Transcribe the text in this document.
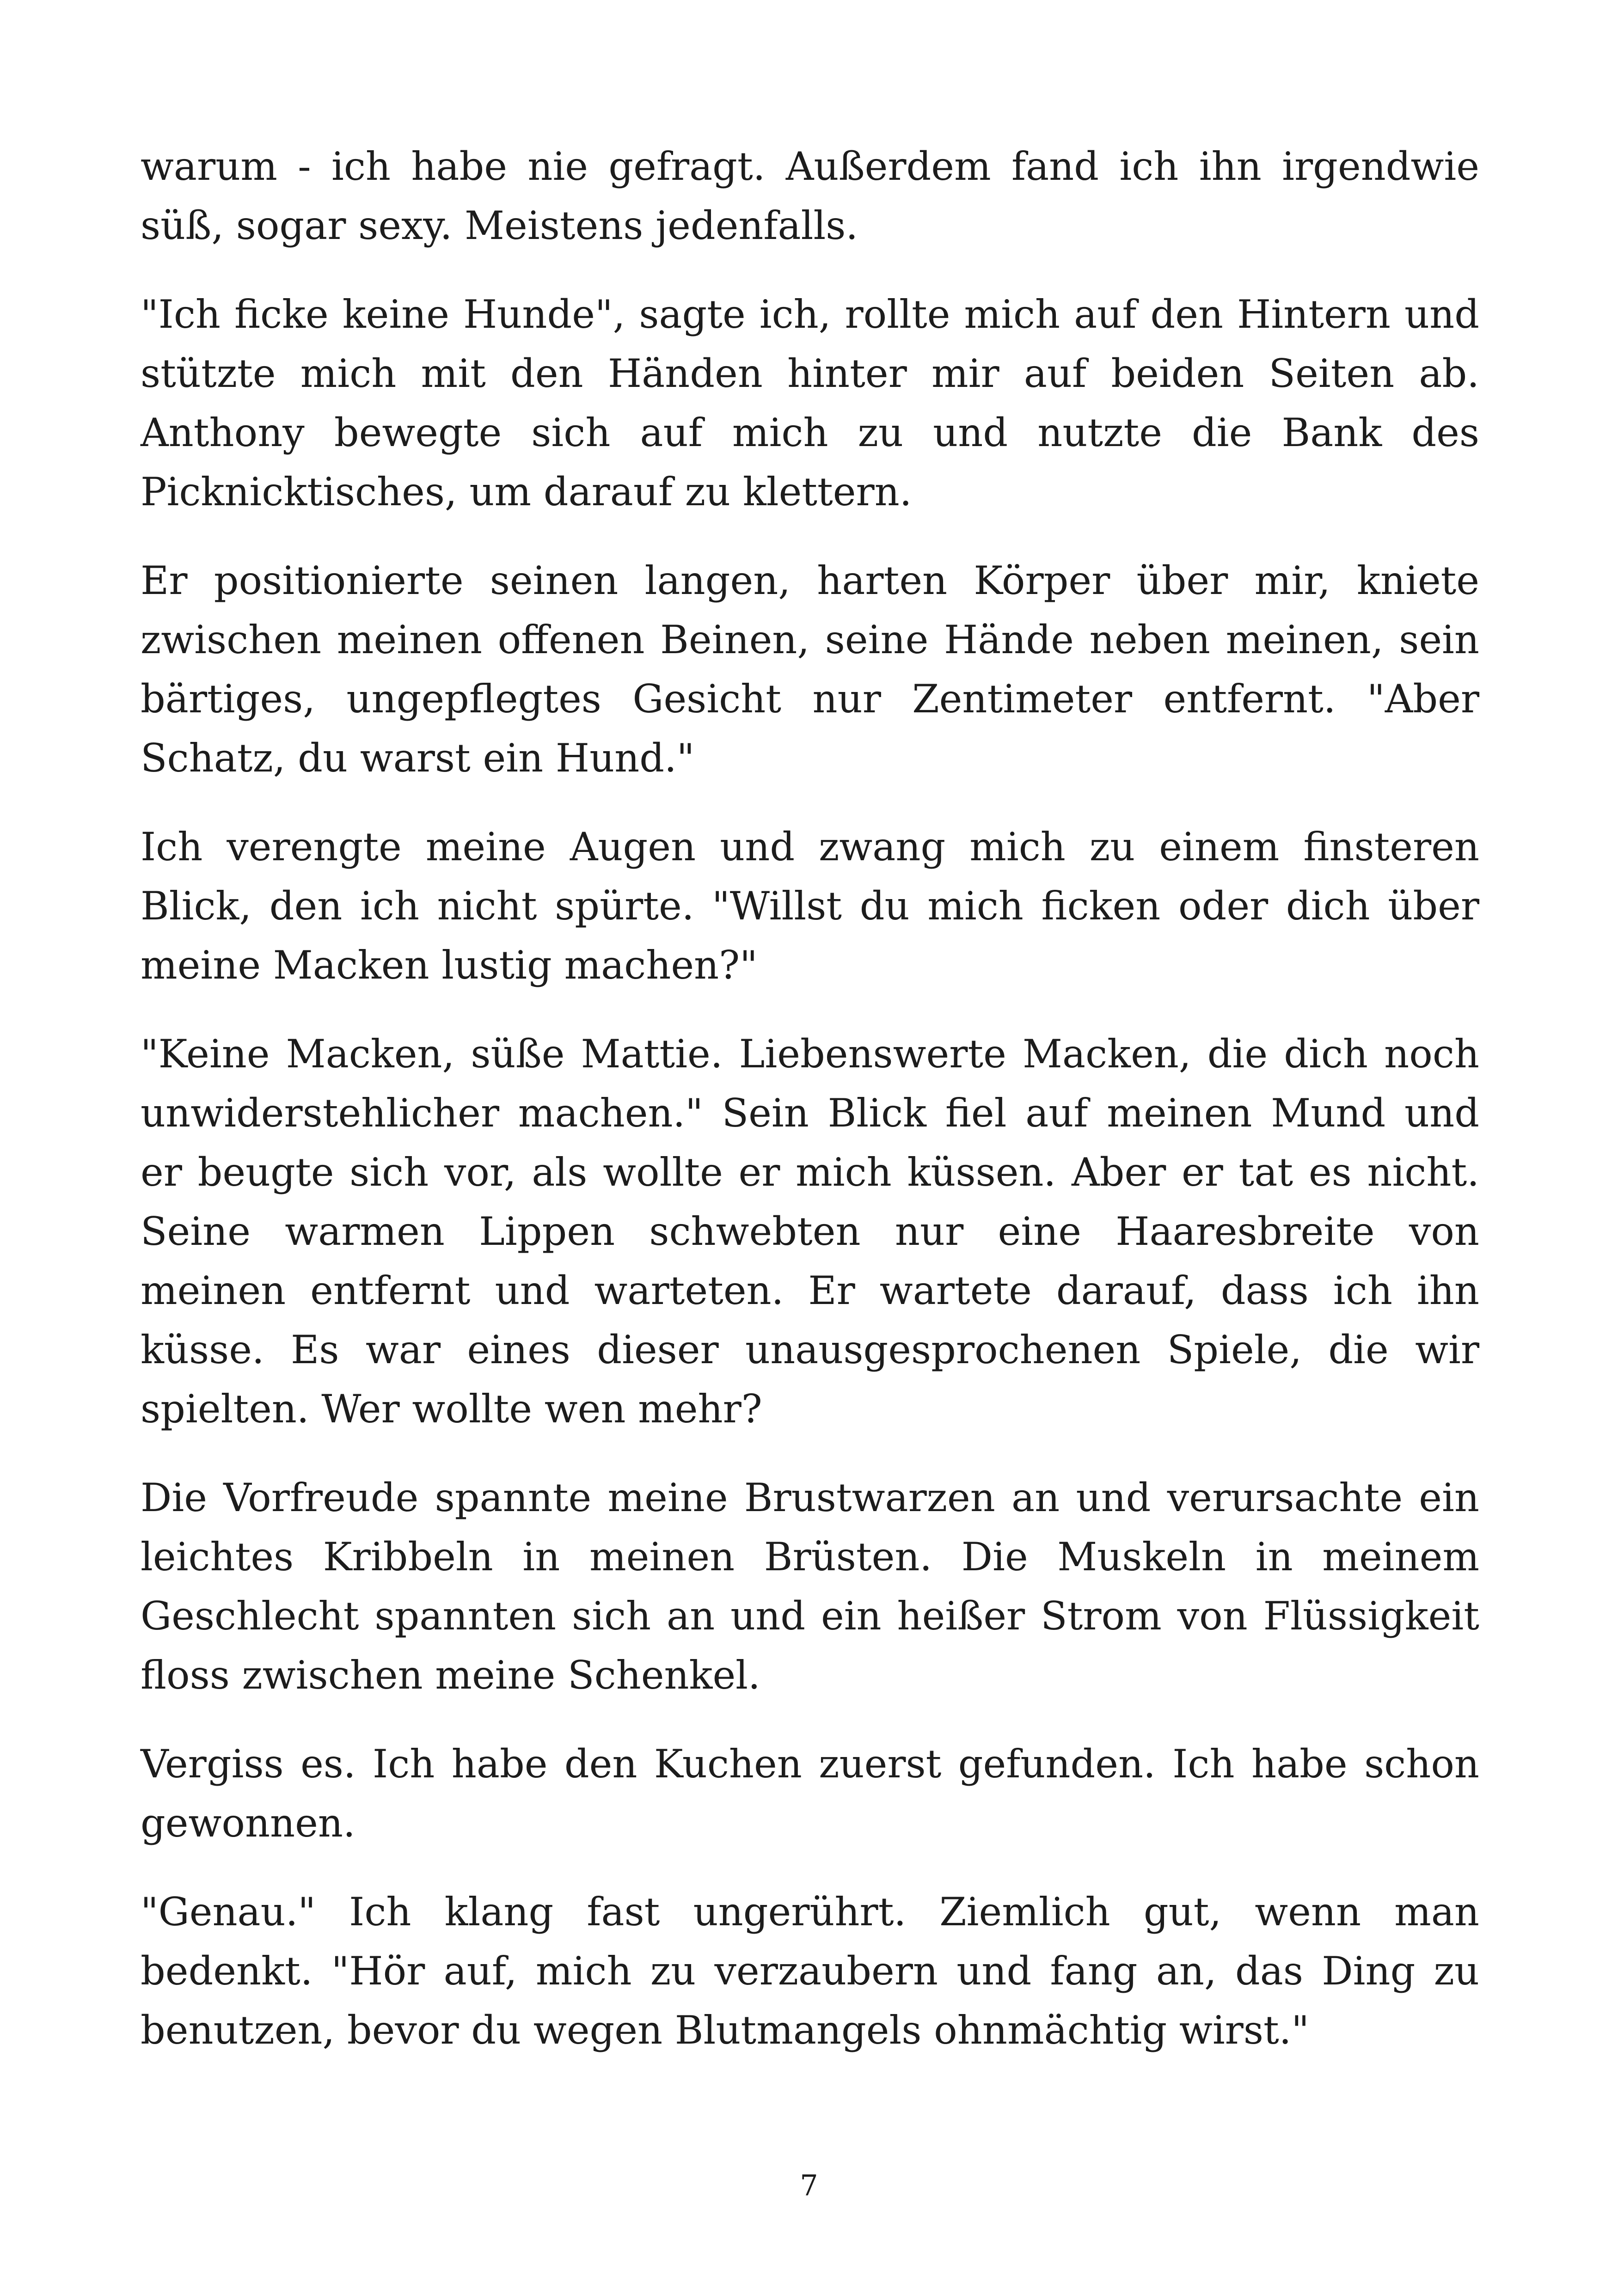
warum - ich habe nie gefragt. Außerdem fand ich ihn irgendwie süß, sogar sexy. Meistens jedenfalls.

"Ich ficke keine Hunde", sagte ich, rollte mich auf den Hintern und stützte mich mit den Händen hinter mir auf beiden Seiten ab. Anthony bewegte sich auf mich zu und nutzte die Bank des Picknicktisches, um darauf zu klettern.

Er positionierte seinen langen, harten Körper über mir, kniete zwischen meinen offenen Beinen, seine Hände neben meinen, sein bärtiges, ungepflegtes Gesicht nur Zentimeter entfernt. "Aber Schatz, du warst ein Hund."

Ich verengte meine Augen und zwang mich zu einem finsteren Blick, den ich nicht spürte. "Willst du mich ficken oder dich über meine Macken lustig machen?"

"Keine Macken, süße Mattie. Liebenswerte Macken, die dich noch unwiderstehlicher machen." Sein Blick fiel auf meinen Mund und er beugte sich vor, als wollte er mich küssen. Aber er tat es nicht. Seine warmen Lippen schwebten nur eine Haaresbreite von meinen entfernt und warteten. Er wartete darauf, dass ich ihn küsse. Es war eines dieser unausgesprochenen Spiele, die wir spielten. Wer wollte wen mehr?

Die Vorfreude spannte meine Brustwarzen an und verursachte ein leichtes Kribbeln in meinen Brüsten. Die Muskeln in meinem Geschlecht spannten sich an und ein heißer Strom von Flüssigkeit floss zwischen meine Schenkel.

Vergiss es. Ich habe den Kuchen zuerst gefunden. Ich habe schon gewonnen.

"Genau." Ich klang fast ungerührt. Ziemlich gut, wenn man bedenkt. "Hör auf, mich zu verzaubern und fang an, das Ding zu benutzen, bevor du wegen Blutmangels ohnmächtig wirst."

7
